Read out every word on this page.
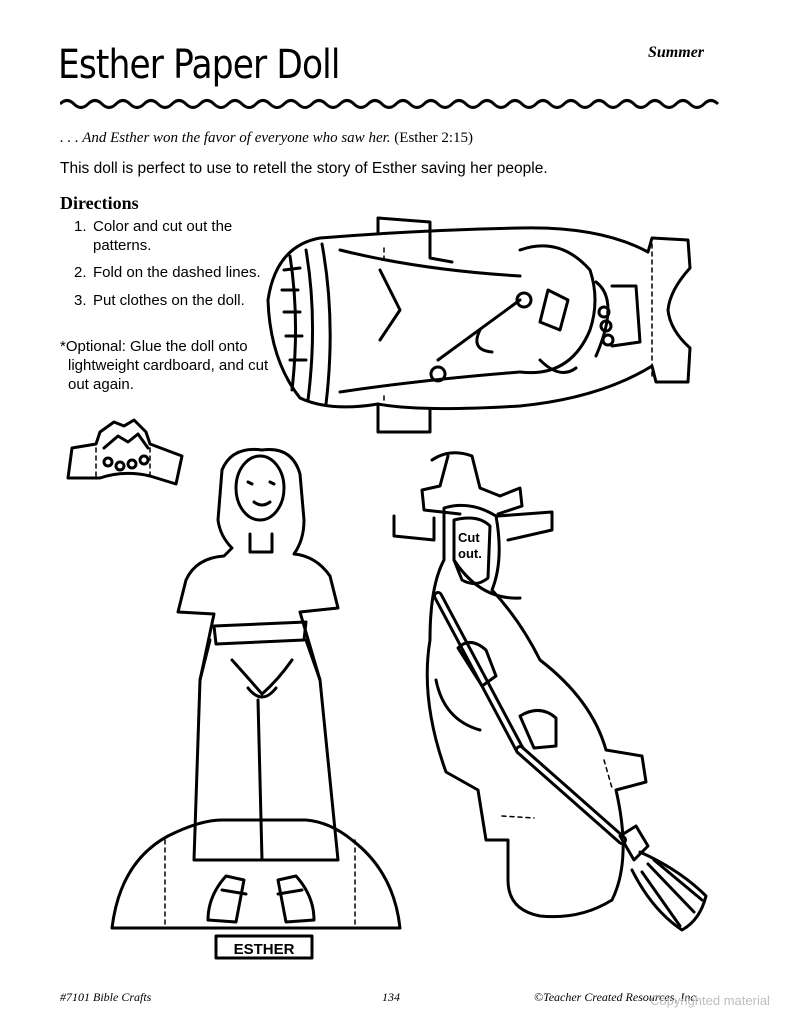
Esther Paper Doll	Summer
. . . And Esther won the favor of everyone who saw her. (Esther 2:15)
This doll is perfect to use to retell the story of Esther saving her people.
Directions
1. Color and cut out the patterns.
2. Fold on the dashed lines.
3. Put clothes on the doll.
*Optional: Glue the doll onto lightweight cardboard, and cut out again.
Cut
out.
ESTHER
#7101 Bible Crafts	134	©Teacher Created Resources, Inc.
Copyrighted material
